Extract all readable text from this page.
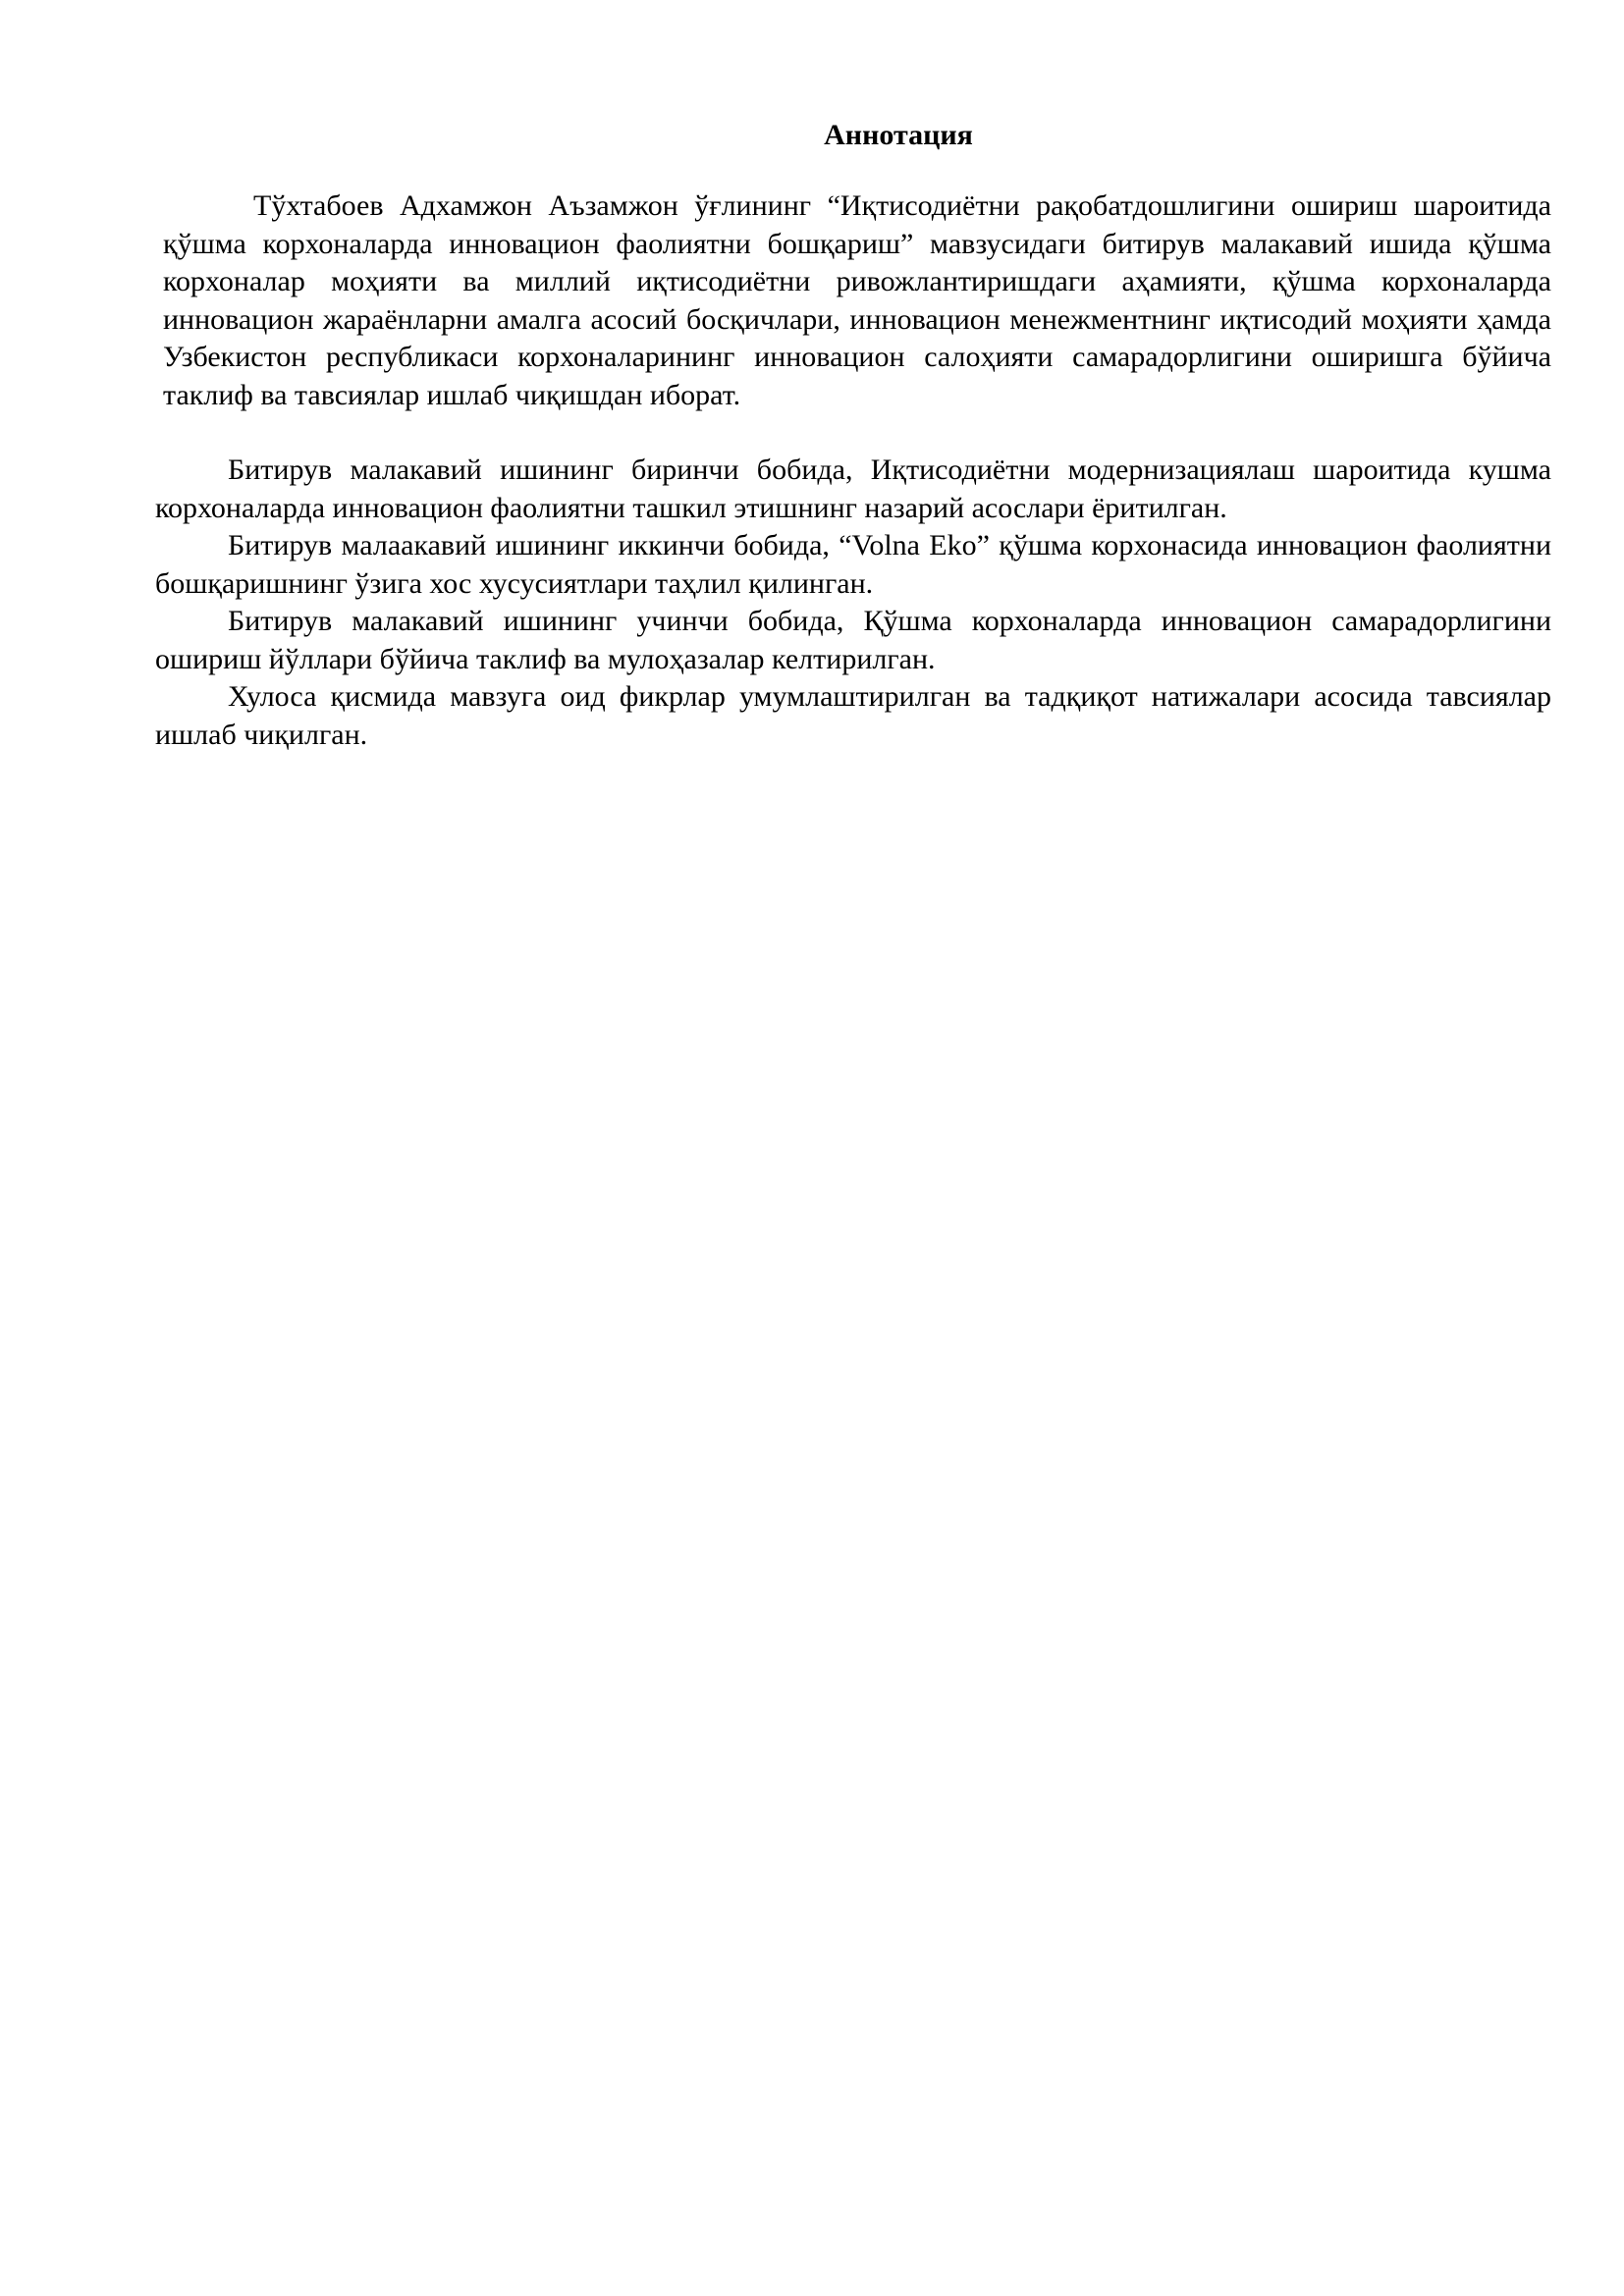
Аннотация

Тўхтабоев Адхамжон Аъзамжон ўғлининг “Иқтисодиётни рақобатдошлигини ошириш шароитида қўшма корхоналарда инновацион фаолиятни бошқариш” мавзусидаги битирув малакавий ишида қўшма корхоналар моҳияти ва миллий иқтисодиётни ривожлантиришдаги аҳамияти, қўшма корхоналарда инновацион жараёнларни амалга асосий босқичлари, инновацион менежментнинг иқтисодий моҳияти ҳамда Узбекистон республикаси корхоналарининг инновацион салоҳияти самарадорлигини оширишга бўйича таклиф ва тавсиялар ишлаб чиқишдан иборат.

Битирув малакавий ишининг биринчи бобида, Иқтисодиётни модернизациялаш шароитида кушма корхоналарда инновацион фаолиятни ташкил этишнинг назарий асослари ёритилган.

Битирув малаакавий ишининг иккинчи бобида, “Volna Eko” қўшма корхонасида инновацион фаолиятни бошқаришнинг ўзига хос хусусиятлари таҳлил қилинган.

Битирув малакавий ишининг учинчи бобида, Қўшма корхоналарда инновацион самарадорлигини ошириш йўллари бўйича таклиф ва мулоҳазалар келтирилган.

Хулоса қисмида мавзуга оид фикрлар умумлаштирилган ва тадқиқот натижалари асосида тавсиялар ишлаб чиқилган.
